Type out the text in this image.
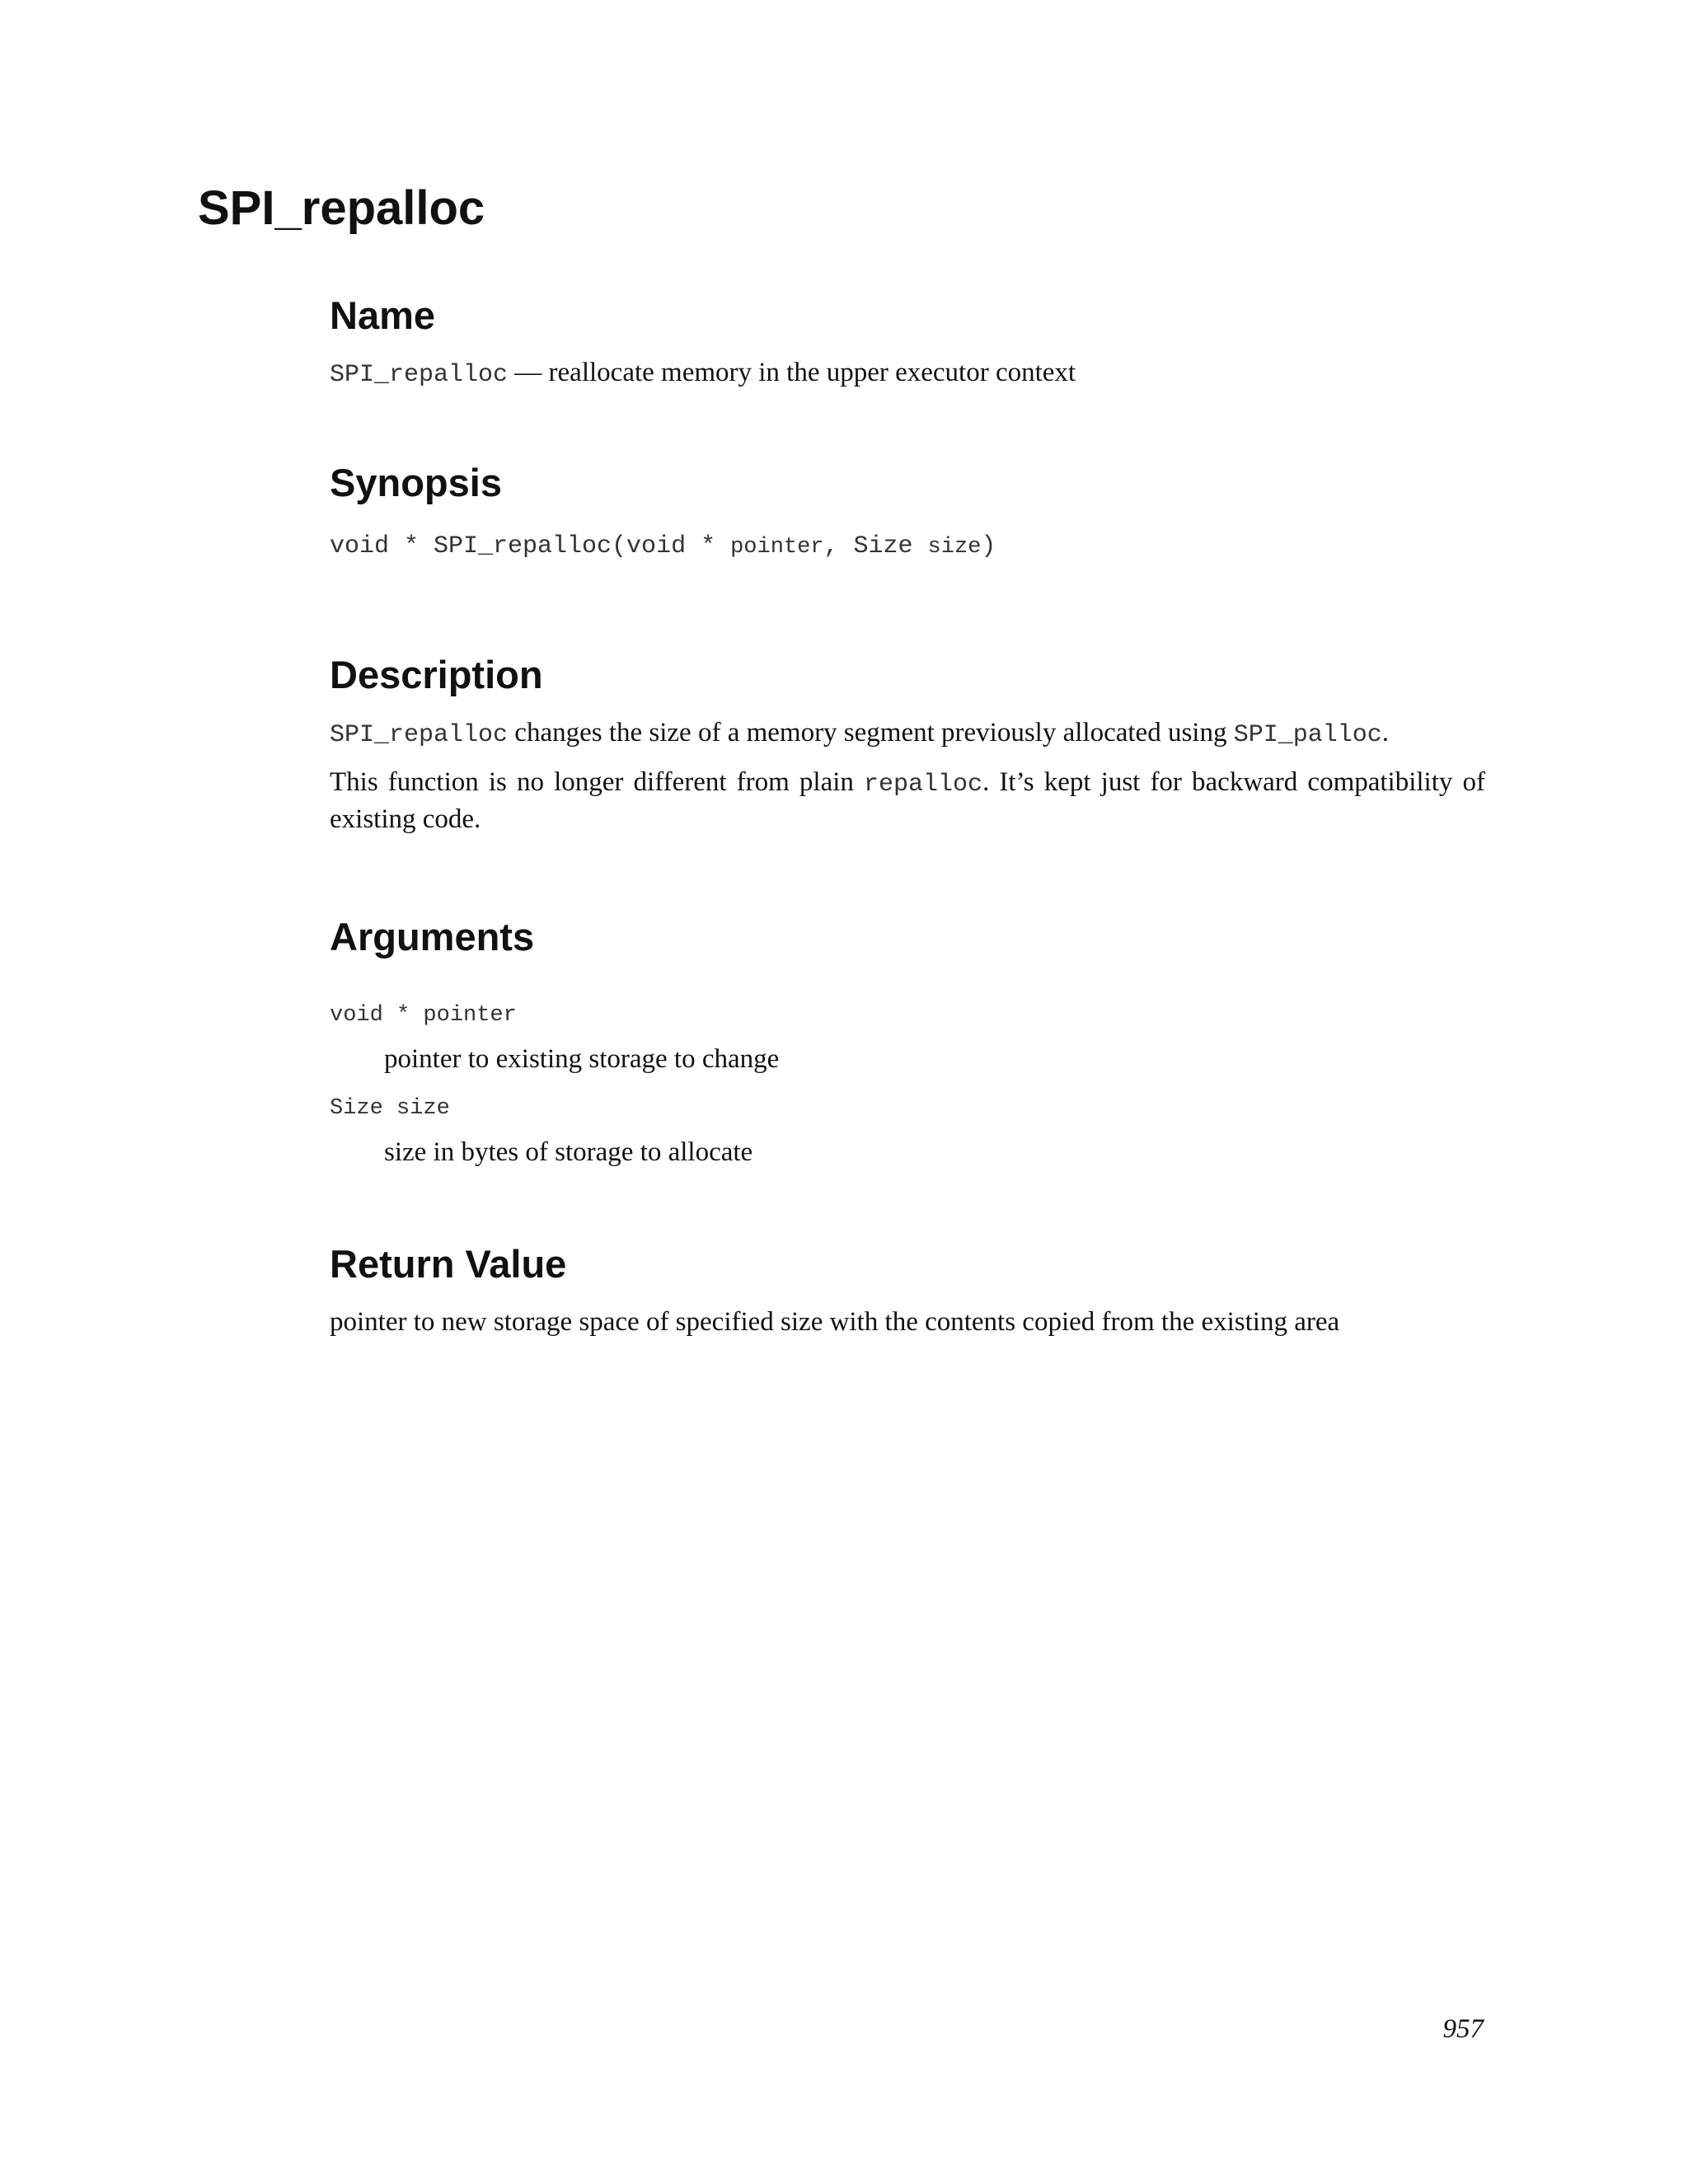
SPI_repalloc
Name

SPI_repalloc — reallocate memory in the upper executor context

Synopsis

void * SPI_repalloc(void * pointer, Size size)

Description

SPI_repalloc changes the size of a memory segment previously allocated using SPI_palloc.

This function is no longer different from plain repalloc. It’s kept just for backward compatibility of existing code.

Arguments

void * pointer

pointer to existing storage to change

Size size

size in bytes of storage to allocate

Return Value

pointer to new storage space of specified size with the contents copied from the existing area

957
